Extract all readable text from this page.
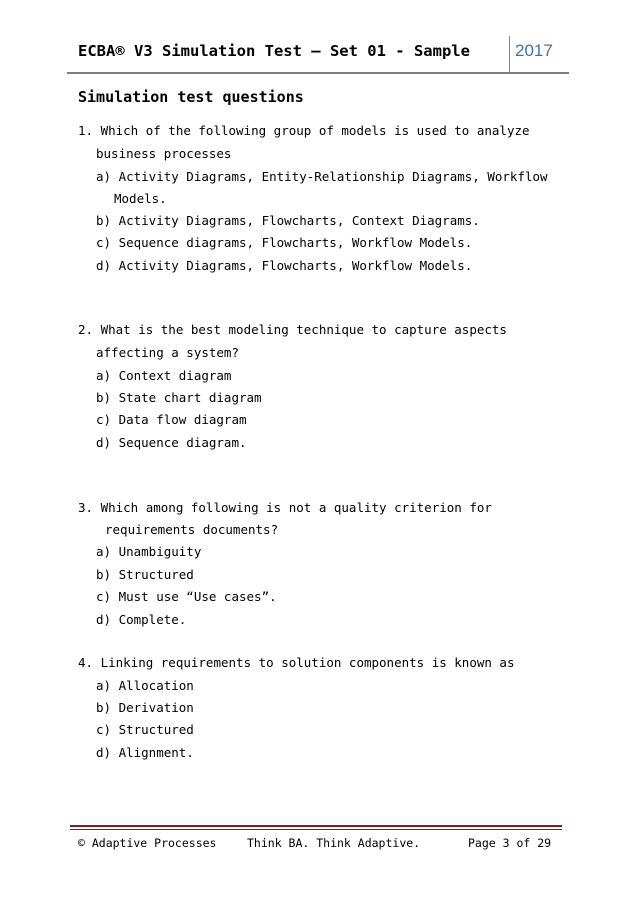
ECBA® V3 Simulation Test – Set 01 - Sample	2017
Simulation test questions
1. Which of the following group of models is used to analyze
business processes
a) Activity Diagrams, Entity-Relationship Diagrams, Workflow
Models.
b) Activity Diagrams, Flowcharts, Context Diagrams.
c) Sequence diagrams, Flowcharts, Workflow Models.
d) Activity Diagrams, Flowcharts, Workflow Models.
2. What is the best modeling technique to capture aspects
affecting a system?
a) Context diagram
b) State chart diagram
c) Data flow diagram
d) Sequence diagram.
3. Which among following is not a quality criterion for
requirements documents?
a) Unambiguity
b) Structured
c) Must use “Use cases”.
d) Complete.
4. Linking requirements to solution components is known as
a) Allocation
b) Derivation
c) Structured
d) Alignment.
© Adaptive Processes	Think BA. Think Adaptive.	Page 3 of 29
